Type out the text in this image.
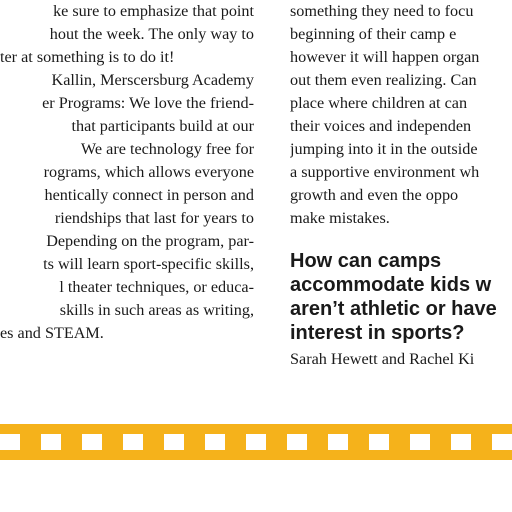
ke sure to emphasize that point
hout the week. The only way to
ter at something is to do it!
Kallin, Merscersburg Academy
er Programs: We love the friend-
that participants build at our
We are technology free for
rograms, which allows everyone
hentically connect in person and
riendships that last for years to
Depending on the program, par-
ts will learn sport-specific skills,
l theater techniques, or educa-
skills in such areas as writing,
es and STEAM.
something they need to focu
beginning of their camp e
however it will happen organ
out them even realizing. Can
place where children at can
their voices and independen
jumping into it in the outside
a supportive environment wh
growth and even the oppo
make mistakes.
How can camps
accommodate kids w
aren’t athletic or have
interest in sports?
Sarah Hewett and Rachel Ki
